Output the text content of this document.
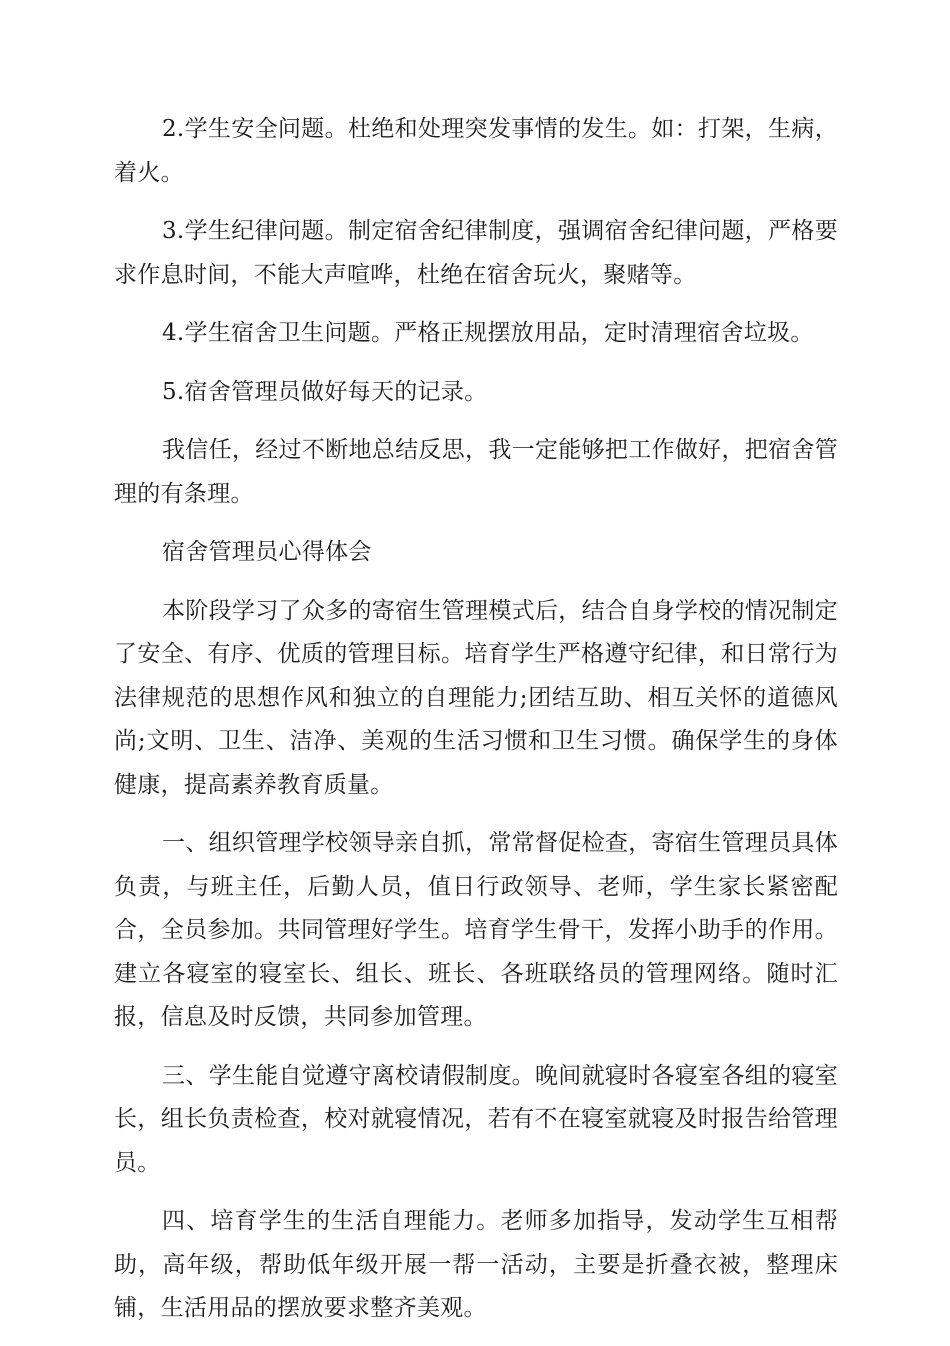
2.学生安全问题。杜绝和处理突发事情的发生。如：打架，生病，着火。

3.学生纪律问题。制定宿舍纪律制度，强调宿舍纪律问题，严格要求作息时间，不能大声喧哗，杜绝在宿舍玩火，聚赌等。

4.学生宿舍卫生问题。严格正规摆放用品，定时清理宿舍垃圾。

5.宿舍管理员做好每天的记录。

我信任，经过不断地总结反思，我一定能够把工作做好，把宿舍管理的有条理。

宿舍管理员心得体会

本阶段学习了众多的寄宿生管理模式后，结合自身学校的情况制定了安全、有序、优质的管理目标。培育学生严格遵守纪律，和日常行为法律规范的思想作风和独立的自理能力;团结互助、相互关怀的道德风尚;文明、卫生、洁净、美观的生活习惯和卫生习惯。确保学生的身体健康，提高素养教育质量。

一、组织管理学校领导亲自抓，常常督促检查，寄宿生管理员具体负责，与班主任，后勤人员，值日行政领导、老师，学生家长紧密配合，全员参加。共同管理好学生。培育学生骨干，发挥小助手的作用。建立各寝室的寝室长、组长、班长、各班联络员的管理网络。随时汇报，信息及时反馈，共同参加管理。

三、学生能自觉遵守离校请假制度。晚间就寝时各寝室各组的寝室长，组长负责检查，校对就寝情况，若有不在寝室就寝及时报告给管理员。

四、培育学生的生活自理能力。老师多加指导，发动学生互相帮助，高年级，帮助低年级开展一帮一活动，主要是折叠衣被，整理床铺，生活用品的摆放要求整齐美观。
